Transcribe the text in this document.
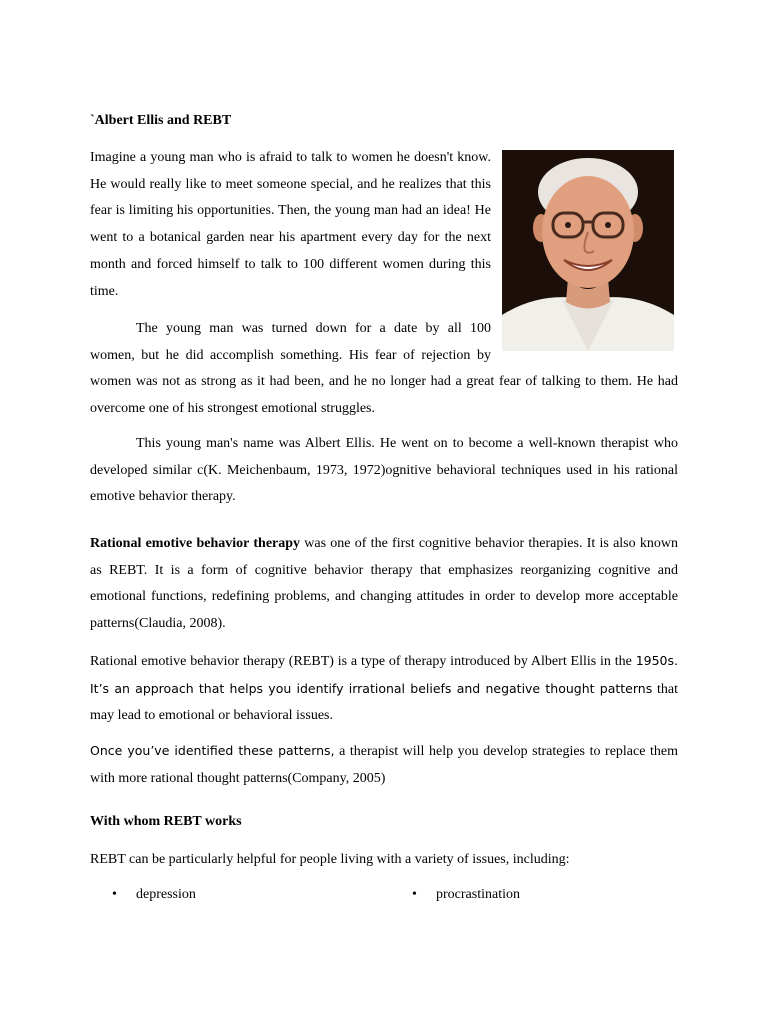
`Albert Ellis and REBT

Imagine a young man who is afraid to talk to women he doesn't know. He would really like to meet someone special, and he realizes that this fear is limiting his opportunities. Then, the young man had an idea! He went to a botanical garden near his apartment every day for the next month and forced himself to talk to 100 different women during this time.

The young man was turned down for a date by all 100
women, but he did accomplish something. His fear of rejection by
women was not as strong as it had been, and he no longer had a great fear of talking to them. He had overcome one of his strongest emotional struggles.

This young man's name was Albert Ellis. He went on to become a well-known therapist who developed similar c(K. Meichenbaum, 1973, 1972)ognitive behavioral techniques used in his rational emotive behavior therapy.

Rational emotive behavior therapy was one of the first cognitive behavior therapies. It is also known as REBT. It is a form of cognitive behavior therapy that emphasizes reorganizing cognitive and emotional functions, redefining problems, and changing attitudes in order to develop more acceptable patterns(Claudia, 2008).

Rational emotive behavior therapy (REBT) is a type of therapy introduced by Albert Ellis in the 1950s. It’s an approach that helps you identify irrational beliefs and negative thought patterns that may lead to emotional or behavioral issues.

Once you’ve identified these patterns, a therapist will help you develop strategies to replace them with more rational thought patterns(Company, 2005)

With whom REBT works
REBT can be particularly helpful for people living with a variety of issues, including:
• depression	• procrastination
